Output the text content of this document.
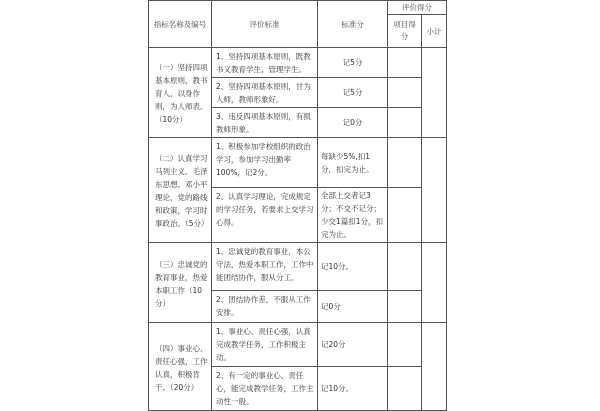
指标名称及编号	评价标准	标准分	评价得分	
			项目得分	小计
（一）坚持四项基本原则，教书育人，以身作则，为人师表。（10分）	1、坚持四项基本原则，既教书又教育学生，管理学生。	记5分		
	2、坚持四项基本原则，甘为人师，教师形象好。	记5分		
	3、违反四项基本原则，有损教师形象。	记0分		
（二）认真学习马列主义、毛泽东思想、邓小平理论，党的路线和政策，学习时事政治。（5分）	1、积极参加学校组织的政治学习，参加学习出勤率100%，记2分。	每缺少5%,扣1分，扣完为止。		
	2、认真学习理论，完成规定的学习任务，若要求上交学习心得。	全部上交者记3分；不交不记分；少交1篇扣1分，扣完为止。		
（三）忠诚党的教育事业，热爱本职工作（10分）	1、忠诚党的教育事业，本公守法，热爱本职工作，工作中能团结协作，服从分工。	记10分。		
	2、团结协作差，不服从工作安排。	记0分		
（四）事业心、责任心强，工作认真，积极肯干。（20分）	1、事业心、责任心强，认真完成教学任务，工作积极主动。	记20分		
	2、有一定的事业心、责任心，能完成教学任务，工作主动性一般。	记10分。		
